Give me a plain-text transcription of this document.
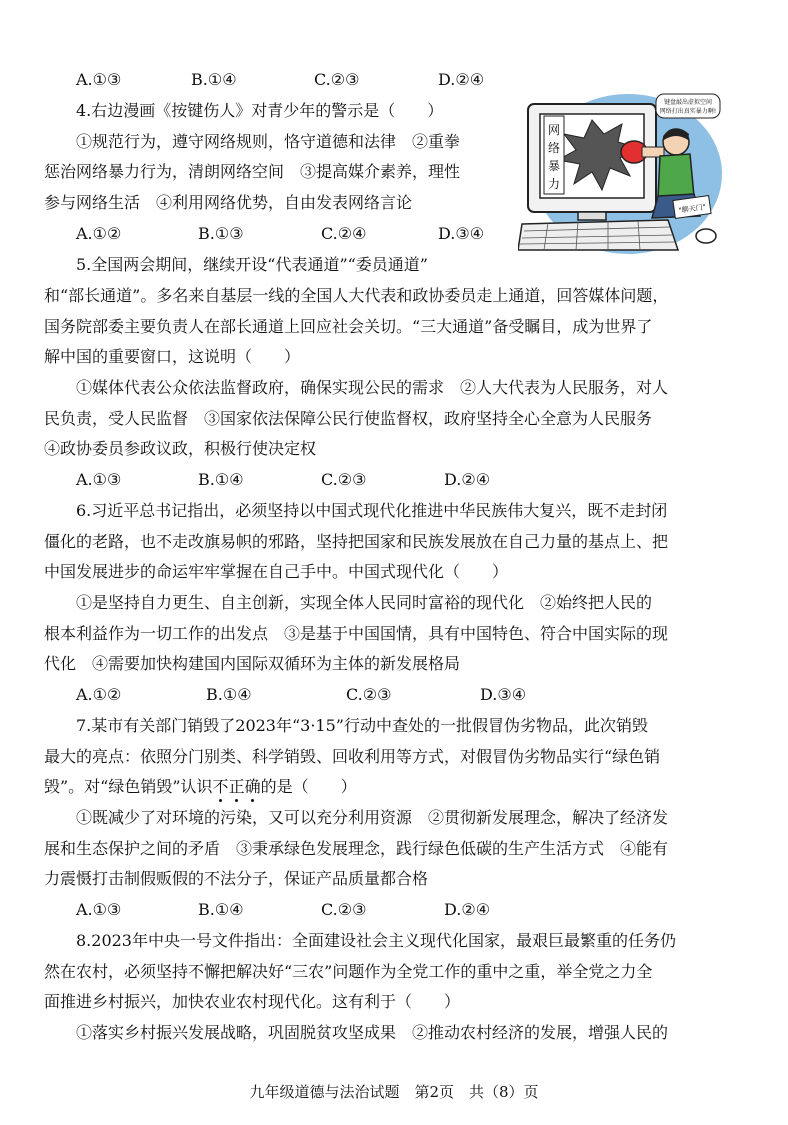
A.①③	B.①④	C.②③	D.②④
4.右边漫画《按键伤人》对青少年的警示是（　　）
①规范行为，遵守网络规则，恪守道德和法律　②重拳
惩治网络暴力行为，清朗网络空间　③提高媒介素养，理性
参与网络生活　④利用网络优势，自由发表网络言论
A.①②	B.①③	C.②④	D.③④
网
络
暴
力
键盘敲出虚拟空间
网络打出真实暴力啊!
"聊天门"
5.全国两会期间，继续开设“代表通道”“委员通道”
和“部长通道”。多名来自基层一线的全国人大代表和政协委员走上通道，回答媒体问题，
国务院部委主要负责人在部长通道上回应社会关切。“三大通道”备受瞩目，成为世界了
解中国的重要窗口，这说明（　　）
①媒体代表公众依法监督政府，确保实现公民的需求　②人大代表为人民服务，对人
民负责，受人民监督　③国家依法保障公民行使监督权，政府坚持全心全意为人民服务
④政协委员参政议政，积极行使决定权
A.①③	B.①④	C.②③	D.②④
6.习近平总书记指出，必须坚持以中国式现代化推进中华民族伟大复兴，既不走封闭
僵化的老路，也不走改旗易帜的邪路，坚持把国家和民族发展放在自己力量的基点上、把
中国发展进步的命运牢牢掌握在自己手中。中国式现代化（　　）
①是坚持自力更生、自主创新，实现全体人民同时富裕的现代化　②始终把人民的
根本利益作为一切工作的出发点　③是基于中国国情，具有中国特色、符合中国实际的现
代化　④需要加快构建国内国际双循环为主体的新发展格局
A.①②	B.①④	C.②③	D.③④
7.某市有关部门销毁了2023年“3·15”行动中查处的一批假冒伪劣物品，此次销毁
最大的亮点：依照分门别类、科学销毁、回收利用等方式，对假冒伪劣物品实行“绿色销
毁”。对“绿色销毁”认识不正确的是（　　）
①既减少了对环境的污染，又可以充分利用资源　②贯彻新发展理念，解决了经济发
展和生态保护之间的矛盾　③秉承绿色发展理念，践行绿色低碳的生产生活方式　④能有
力震慑打击制假贩假的不法分子，保证产品质量都合格
A.①③	B.①④	C.②③	D.②④
8.2023年中央一号文件指出：全面建设社会主义现代化国家，最艰巨最繁重的任务仍
然在农村，必须坚持不懈把解决好“三农”问题作为全党工作的重中之重，举全党之力全
面推进乡村振兴，加快农业农村现代化。这有利于（　　）
①落实乡村振兴发展战略，巩固脱贫攻坚成果　②推动农村经济的发展，增强人民的
九年级道德与法治试题　第2页　共（8）页
